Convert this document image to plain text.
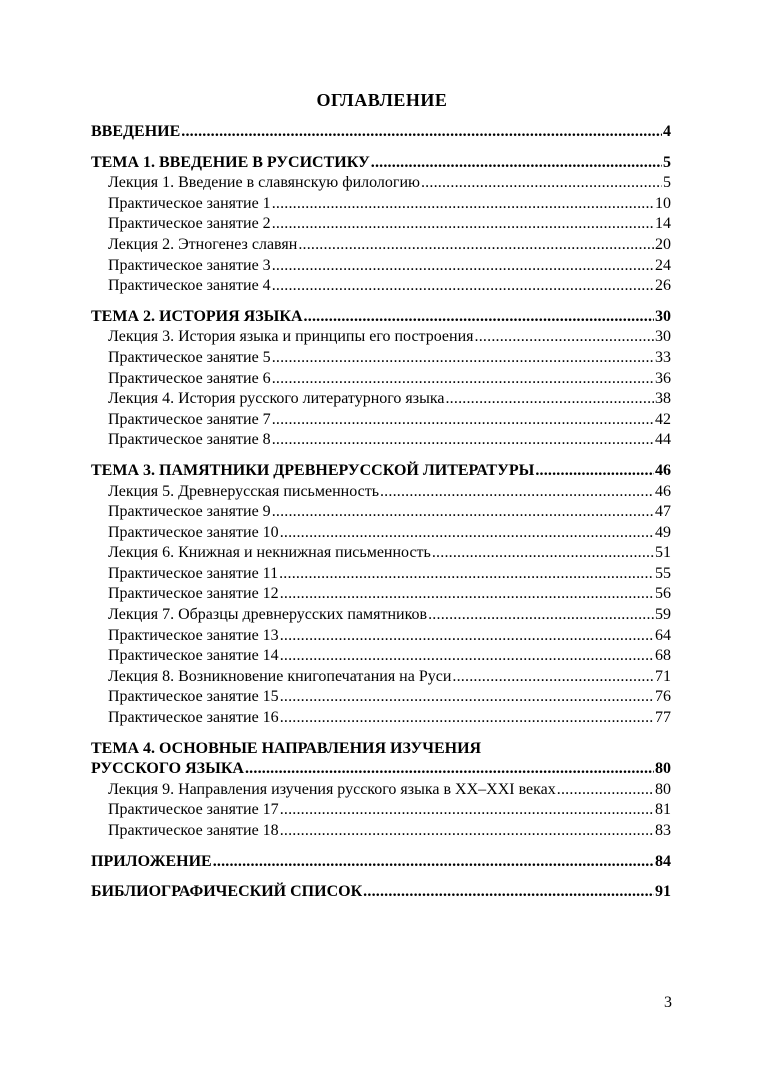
ОГЛАВЛЕНИЕ
ВВЕДЕНИЕ .....	4
ТЕМА 1. ВВЕДЕНИЕ В РУСИСТИКУ .....	5
Лекция 1. Введение в славянскую филологию .....	5
Практическое занятие 1 .....	10
Практическое занятие 2 .....	14
Лекция 2. Этногенез славян .....	20
Практическое занятие 3 .....	24
Практическое занятие 4 .....	26
ТЕМА 2. ИСТОРИЯ ЯЗЫКА .....	30
Лекция 3. История языка и принципы его построения .....	30
Практическое занятие 5 .....	33
Практическое занятие 6 .....	36
Лекция 4. История русского литературного языка .....	38
Практическое занятие 7 .....	42
Практическое занятие 8 .....	44
ТЕМА 3. ПАМЯТНИКИ ДРЕВНЕРУССКОЙ ЛИТЕРАТУРЫ .....	46
Лекция 5. Древнерусская письменность .....	46
Практическое занятие 9 .....	47
Практическое занятие 10 .....	49
Лекция 6. Книжная и некнижная письменность .....	51
Практическое занятие 11 .....	55
Практическое занятие 12 .....	56
Лекция 7. Образцы древнерусских памятников .....	59
Практическое занятие 13 .....	64
Практическое занятие 14 .....	68
Лекция 8. Возникновение книгопечатания на Руси .....	71
Практическое занятие 15 .....	76
Практическое занятие 16 .....	77
ТЕМА 4. ОСНОВНЫЕ НАПРАВЛЕНИЯ ИЗУЧЕНИЯ
РУССКОГО ЯЗЫКА .....	80
Лекция 9. Направления изучения русского языка в XX–XXI веках .....	80
Практическое занятие 17 .....	81
Практическое занятие 18 .....	83
ПРИЛОЖЕНИЕ .....	84
БИБЛИОГРАФИЧЕСКИЙ СПИСОК .....	91
3
